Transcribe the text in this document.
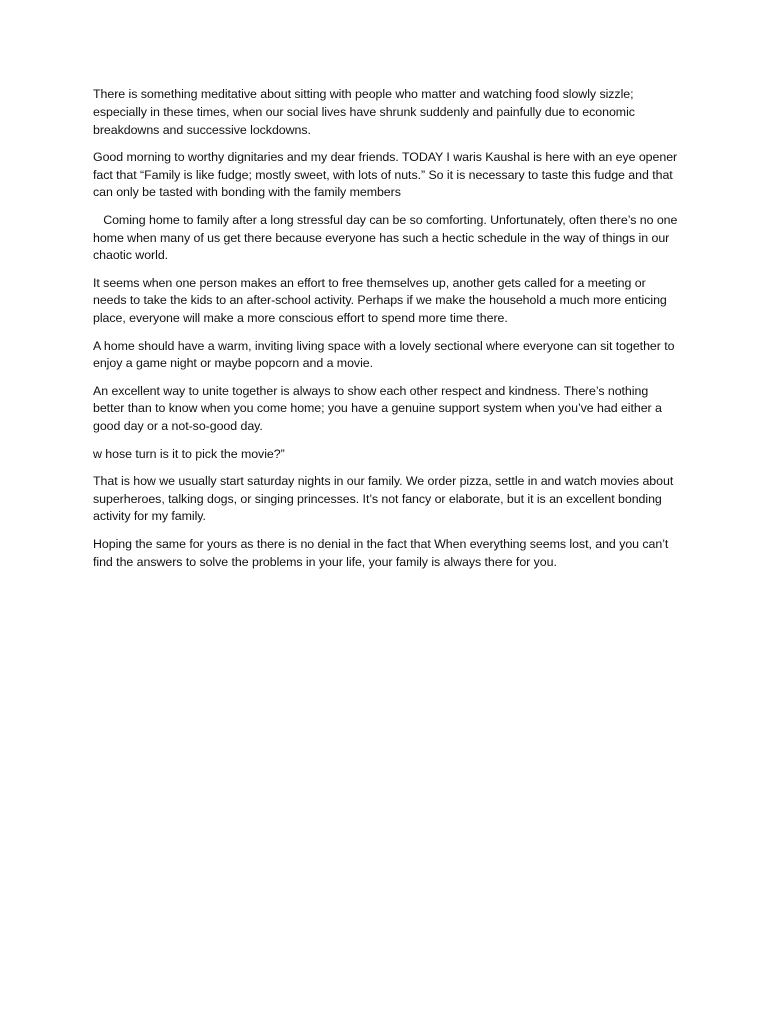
There is something meditative about sitting with people who matter and watching food slowly sizzle; especially in these times, when our social lives have shrunk suddenly and painfully due to economic breakdowns and successive lockdowns.

Good morning to worthy dignitaries and my dear friends. TODAY I waris Kaushal is here with an eye opener fact that “Family is like fudge; mostly sweet, with lots of nuts.” So it is necessary to taste this fudge and that can only be tasted with bonding with the family members

Coming home to family after a long stressful day can be so comforting. Unfortunately, often there’s no one home when many of us get there because everyone has such a hectic schedule in the way of things in our chaotic world.

It seems when one person makes an effort to free themselves up, another gets called for a meeting or needs to take the kids to an after-school activity. Perhaps if we make the household a much more enticing place, everyone will make a more conscious effort to spend more time there.

A home should have a warm, inviting living space with a lovely sectional where everyone can sit together to enjoy a game night or maybe popcorn and a movie.

An excellent way to unite together is always to show each other respect and kindness. There’s nothing better than to know when you come home; you have a genuine support system when you’ve had either a good day or a not-so-good day.

w hose turn is it to pick the movie?”

That is how we usually start saturday nights in our family. We order pizza, settle in and watch movies about superheroes, talking dogs, or singing princesses. It’s not fancy or elaborate, but it is an excellent bonding activity for my family.

Hoping the same for yours as there is no denial in the fact that When everything seems lost, and you can’t find the answers to solve the problems in your life, your family is always there for you.
